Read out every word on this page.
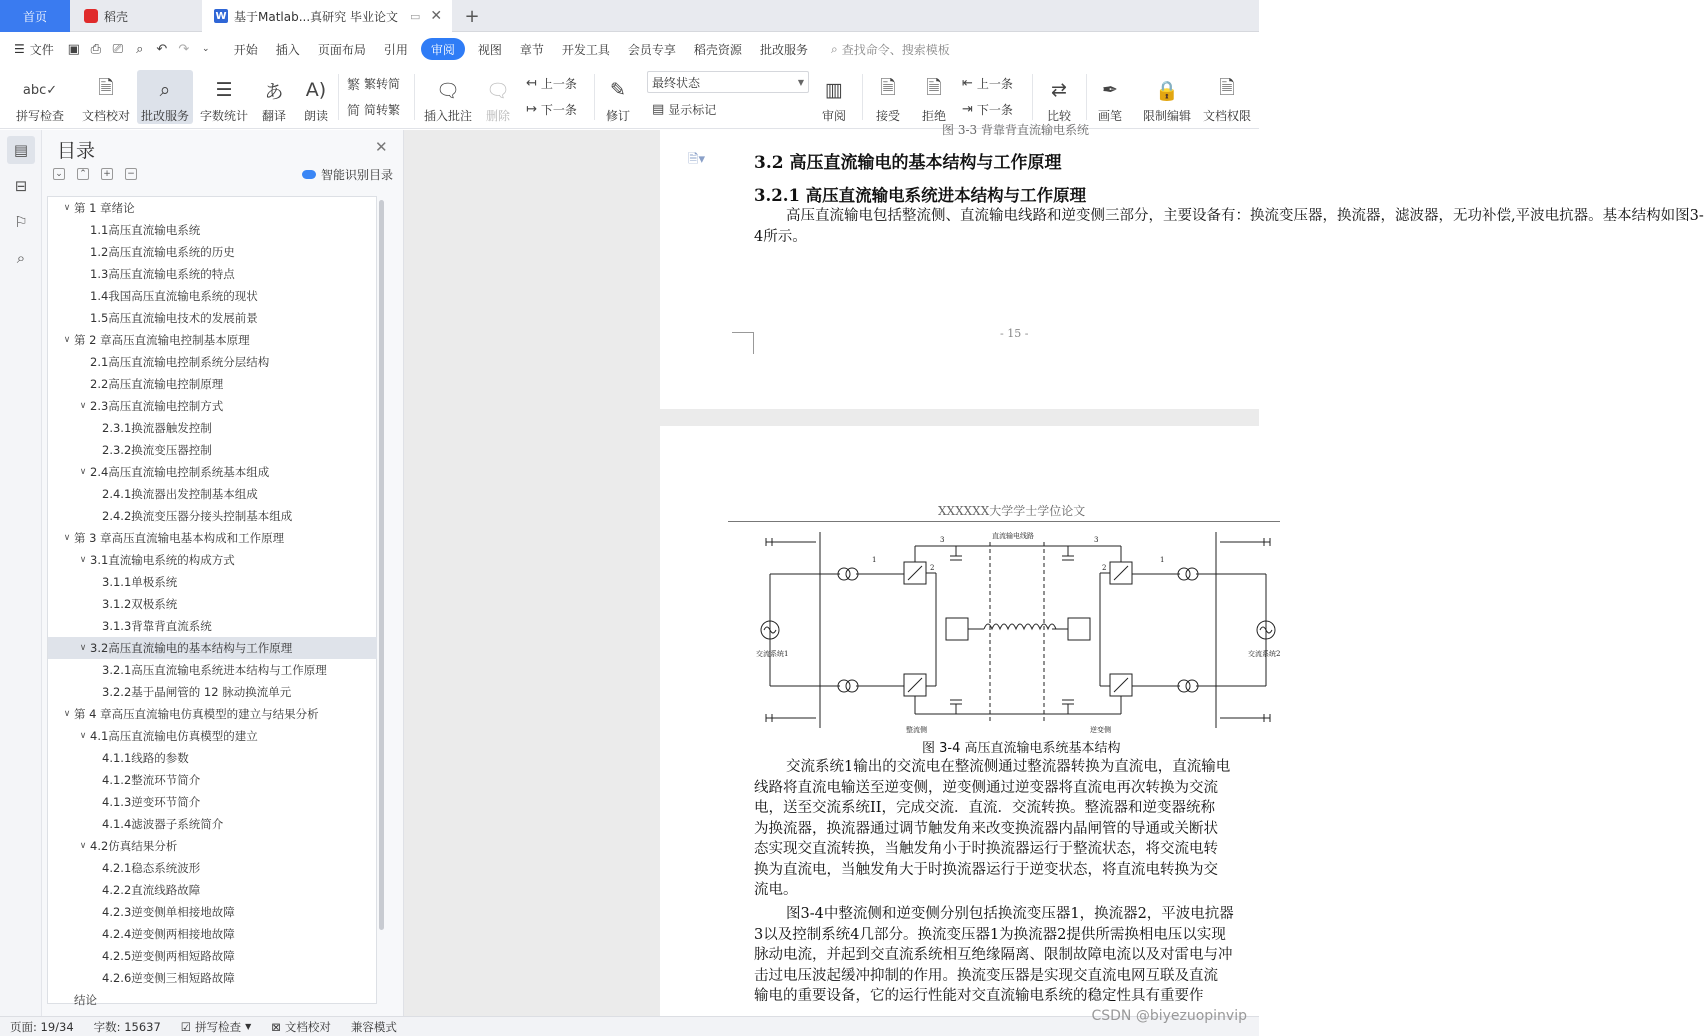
首页	稻壳	W 基于Matlab...真研究 毕业论文	▭ ✕	+
☰ 文件	▣ ⎙ ⎚	⌕ ↶ ↷	⌄	开始	插入	页面布局	引用	审阅	视图	章节	开发工具	会员专享	稻壳资源	批改服务	⌕ 查找命令、搜索模板
abc✓
拼写检查
🗎
文档校对
⌕
批改服务
☰
字数统计
あ
翻译
A)
朗读
繁 繁转简
简 简转繁
🗨
插入批注
🗨
删除
↤ 上一条
↦ 下一条
✎
修订
最终状态	▼
▤ 显示标记
▥
审阅
🗎
接受
🗎
拒绝
⇤ 上一条
⇥ 下一条
⇄
比较
✒
画笔
🔒
限制编辑
🗎
文档权限
▤
⊟
⚐
⌕
目录	✕
⌄ ⌃ + −	智能识别目录
∨ 第 1 章绪论
1.1高压直流输电系统
1.2高压直流输电系统的历史
1.3高压直流输电系统的特点
1.4我国高压直流输电系统的现状
1.5高压直流输电技术的发展前景
∨ 第 2 章高压直流输电控制基本原理
2.1高压直流输电控制系统分层结构
2.2高压直流输电控制原理
∨ 2.3高压直流输电控制方式
2.3.1换流器触发控制
2.3.2换流变压器控制
∨ 2.4高压直流输电控制系统基本组成
2.4.1换流器出发控制基本组成
2.4.2换流变压器分接头控制基本组成
∨ 第 3 章高压直流输电基本构成和工作原理
∨ 3.1直流输电系统的构成方式
3.1.1单极系统
3.1.2双极系统
3.1.3背靠背直流系统
∨ 3.2高压直流输电的基本结构与工作原理
3.2.1高压直流输电系统进本结构与工作原理
3.2.2基于晶闸管的 12 脉动换流单元
∨ 第 4 章高压直流输电仿真模型的建立与结果分析
∨ 4.1高压直流输电仿真模型的建立
4.1.1线路的参数
4.1.2整流环节简介
4.1.3逆变环节简介
4.1.4滤波器子系统简介
∨ 4.2仿真结果分析
4.2.1稳态系统波形
4.2.2直流线路故障
4.2.3逆变侧单相接地故障
4.2.4逆变侧两相接地故障
4.2.5逆变侧两相短路故障
4.2.6逆变侧三相短路故障
结论
图 3-3 背靠背直流输电系统
🗎▾	3.2 高压直流输电的基本结构与工作原理
3.2.1 高压直流输电系统进本结构与工作原理
高压直流输电包括整流侧、直流输电线路和逆变侧三部分，主要设备有：换流变压器，换流器，滤波器，无功补偿,平波电抗器。基本结构如图3-
4所示。
- 15 -
XXXXXX大学学士学位论文
直流输电线路
交流系统1	交流系统2
整流侧	逆变侧
1
2
3
1
2
3
图 3-4 高压直流输电系统基本结构
交流系统1输出的交流电在整流侧通过整流器转换为直流电，直流输电
线路将直流电输送至逆变侧，逆变侧通过逆变器将直流电再次转换为交流
电，送至交流系统II，完成交流．直流．交流转换。整流器和逆变器统称
为换流器，换流器通过调节触发角来改变换流器内晶闸管的导通或关断状
态实现交直流转换，当触发角小于时换流器运行于整流状态，将交流电转
换为直流电，当触发角大于时换流器运行于逆变状态，将直流电转换为交
流电。
图3-4中整流侧和逆变侧分别包括换流变压器1，换流器2，平波电抗器
3以及控制系统4几部分。换流变压器1为换流器2提供所需换相电压以实现
脉动电流，并起到交直流系统相互绝缘隔离、限制故障电流以及对雷电与冲
击过电压波起缓冲抑制的作用。换流变压器是实现交直流电网互联及直流
输电的重要设备，它的运行性能对交直流输电系统的稳定性具有重要作
页面: 19/34 字数: 15637 ☑ 拼写检查 ▼ ⊠ 文档校对 兼容模式
CSDN @biyezuopinvip
